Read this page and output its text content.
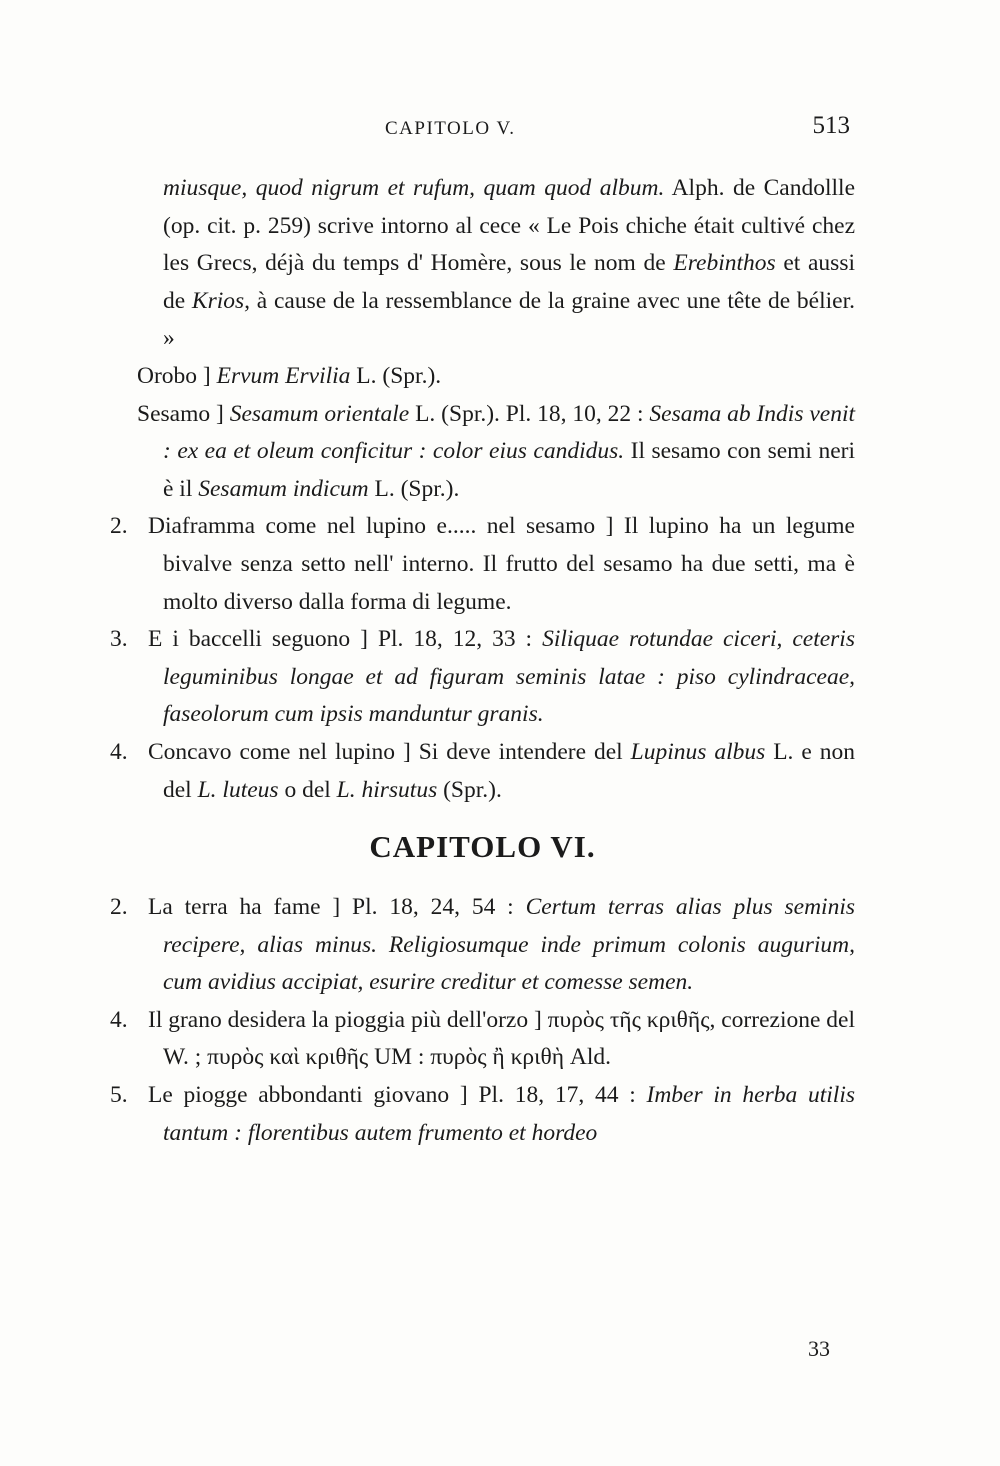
CAPITOLO V.	513

miusque, quod nigrum et rufum, quam quod album. Alph. de Candollle (op. cit. p. 259) scrive intorno al cece « Le Pois chiche était cultivé chez les Grecs, déjà du temps d' Homère, sous le nom de Erebinthos et aussi de Krios, à cause de la ressemblance de la graine avec une tête de bélier. »

Orobo ] Ervum Ervilia L. (Spr.).

Sesamo ] Sesamum orientale L. (Spr.). Pl. 18, 10, 22 : Sesama ab Indis venit : ex ea et oleum conficitur : color eius candidus. Il sesamo con semi neri è il Sesamum indicum L. (Spr.).

2. Diaframma come nel lupino e..... nel sesamo ] Il lupino ha un legume bivalve senza setto nell' interno. Il frutto del sesamo ha due setti, ma è molto diverso dalla forma di legume.

3. E i baccelli seguono ] Pl. 18, 12, 33 : Siliquae rotundae ciceri, ceteris leguminibus longae et ad figuram seminis latae : piso cylindraceae, faseolorum cum ipsis manduntur granis.

4. Concavo come nel lupino ] Si deve intendere del Lupinus albus L. e non del L. luteus o del L. hirsutus (Spr.).

CAPITOLO VI.

2. La terra ha fame ] Pl. 18, 24, 54 : Certum terras alias plus seminis recipere, alias minus. Religiosumque inde primum colonis augurium, cum avidius accipiat, esurire creditur et comesse semen.

4. Il grano desidera la pioggia più dell'orzo ] πυρὸς τῆς κριθῆς, correzione del W. ; πυρὸς καὶ κριθῆς UM : πυρὸς ἢ κριθὴ Ald.

5. Le piogge abbondanti giovano ] Pl. 18, 17, 44 : Imber in herba utilis tantum : florentibus autem frumento et hordeo

33
